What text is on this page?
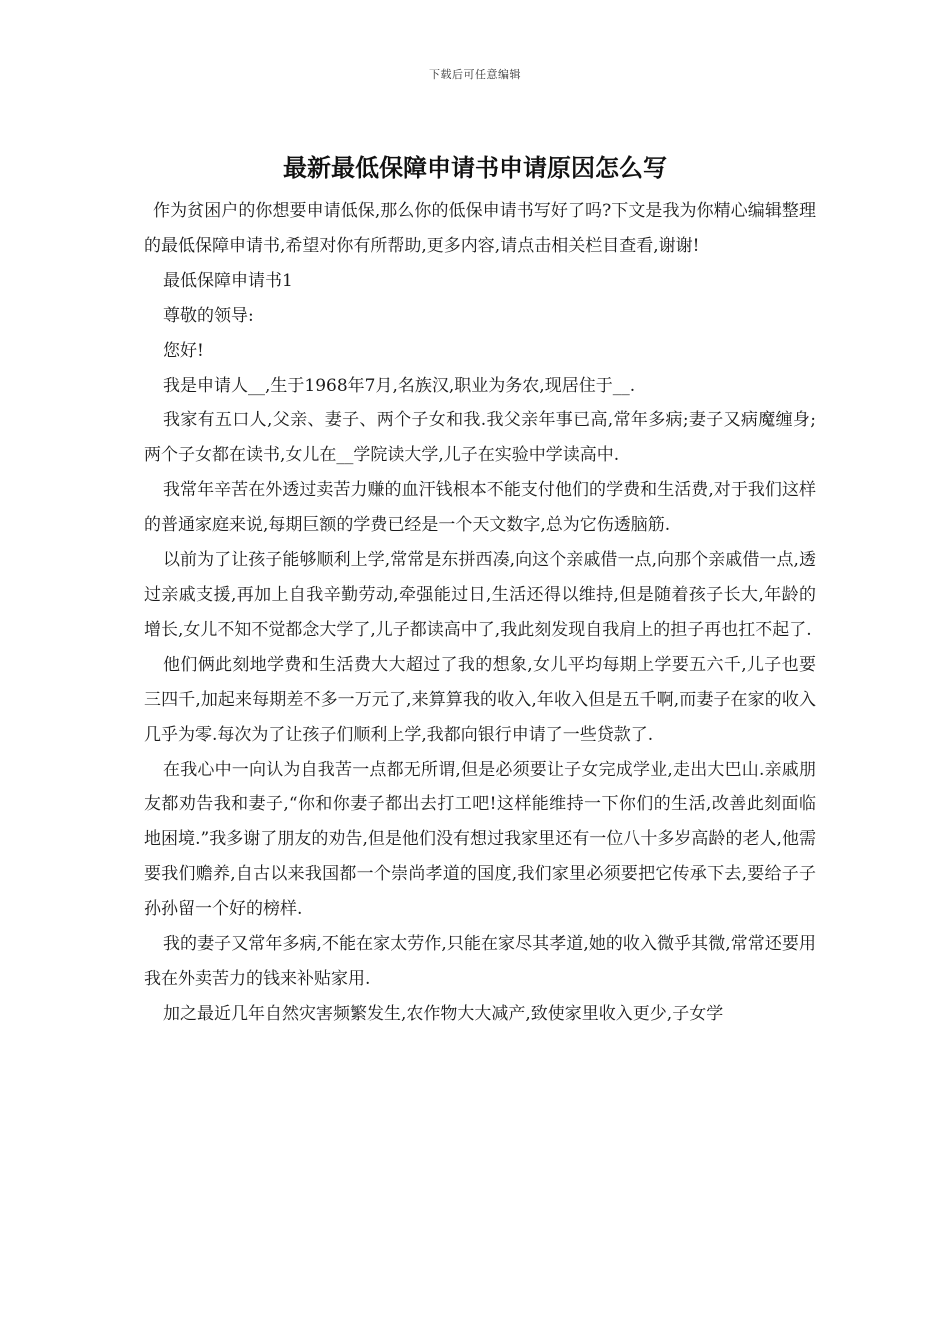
下载后可任意编辑
最新最低保障申请书申请原因怎么写

作为贫困户的你想要申请低保,那么你的低保申请书写好了吗?下文是我为你精心编辑整理的最低保障申请书,希望对你有所帮助,更多内容,请点击相关栏目查看,谢谢!

最低保障申请书1

尊敬的领导:

您好!

我是申请人__,生于1968年7月,名族汉,职业为务农,现居住于__.

我家有五口人,父亲、妻子、两个子女和我.我父亲年事已高,常年多病;妻子又病魔缠身;两个子女都在读书,女儿在__学院读大学,儿子在实验中学读高中.

我常年辛苦在外透过卖苦力赚的血汗钱根本不能支付他们的学费和生活费,对于我们这样的普通家庭来说,每期巨额的学费已经是一个天文数字,总为它伤透脑筋.

以前为了让孩子能够顺利上学,常常是东拼西凑,向这个亲戚借一点,向那个亲戚借一点,透过亲戚支援,再加上自我辛勤劳动,牵强能过日,生活还得以维持,但是随着孩子长大,年龄的增长,女儿不知不觉都念大学了,儿子都读高中了,我此刻发现自我肩上的担子再也扛不起了.

他们俩此刻地学费和生活费大大超过了我的想象,女儿平均每期上学要五六千,儿子也要三四千,加起来每期差不多一万元了,来算算我的收入,年收入但是五千啊,而妻子在家的收入几乎为零.每次为了让孩子们顺利上学,我都向银行申请了一些贷款了.

在我心中一向认为自我苦一点都无所谓,但是必须要让子女完成学业,走出大巴山.亲戚朋友都劝告我和妻子,“你和你妻子都出去打工吧!这样能维持一下你们的生活,改善此刻面临地困境.”我多谢了朋友的劝告,但是他们没有想过我家里还有一位八十多岁高龄的老人,他需要我们赡养,自古以来我国都一个崇尚孝道的国度,我们家里必须要把它传承下去,要给子子孙孙留一个好的榜样.

我的妻子又常年多病,不能在家太劳作,只能在家尽其孝道,她的收入微乎其微,常常还要用我在外卖苦力的钱来补贴家用.

加之最近几年自然灾害频繁发生,农作物大大减产,致使家里收入更少,子女学
